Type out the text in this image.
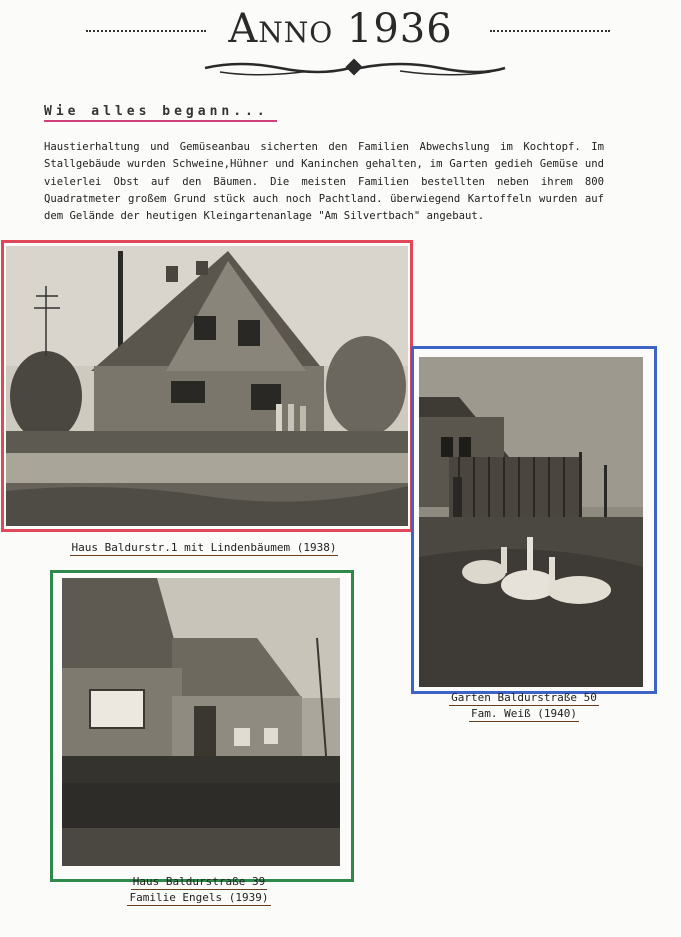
Anno 1936
Wie alles begann...
Haustierhaltung und Gemüseanbau sicherten den Familien Abwechslung im Kochtopf. Im Stallgebäude wurden Schweine,Hühner und Kaninchen gehalten, im Garten gedieh Gemüse und vielerlei Obst auf den Bäumen. Die meisten Familien bestellten neben ihrem 800 Quadratmeter großem Grund stück auch noch Pachtland. überwiegend Kartoffeln wurden auf dem Gelände der heutigen Kleingartenanlage "Am Silvertbach" angebaut.
Haus Baldurstr.1 mit Lindenbäumem (1938)
Garten Baldurstraße 50
Fam. Weiß (1940)
Haus Baldurstraße 39
Familie Engels (1939)
